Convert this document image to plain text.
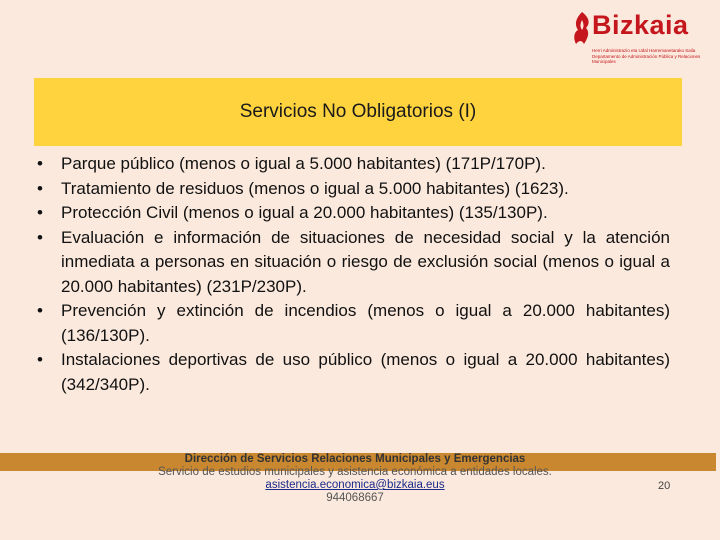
Bizkaia
Herri Administrazio eta Udal Harremanetarako Saila
Departamento de Administración Pública y Relaciones Municipales
Servicios No Obligatorios (I)
• Parque público (menos o igual a 5.000 habitantes) (171P/170P).
• Tratamiento de residuos (menos o igual a 5.000 habitantes) (1623).
• Protección Civil (menos o igual a 20.000 habitantes) (135/130P).
• Evaluación e información de situaciones de necesidad social y la atención inmediata a personas en situación o riesgo de exclusión social (menos o igual a 20.000 habitantes) (231P/230P).
• Prevención y extinción de incendios (menos o igual a 20.000 habitantes) (136/130P).
• Instalaciones deportivas de uso público (menos o igual a 20.000 habitantes) (342/340P).
Dirección de Servicios Relaciones Municipales y Emergencias
Servicio de estudios municipales y asistencia económica a entidades locales.
asistencia.economica@bizkaia.eus
944068667
20
